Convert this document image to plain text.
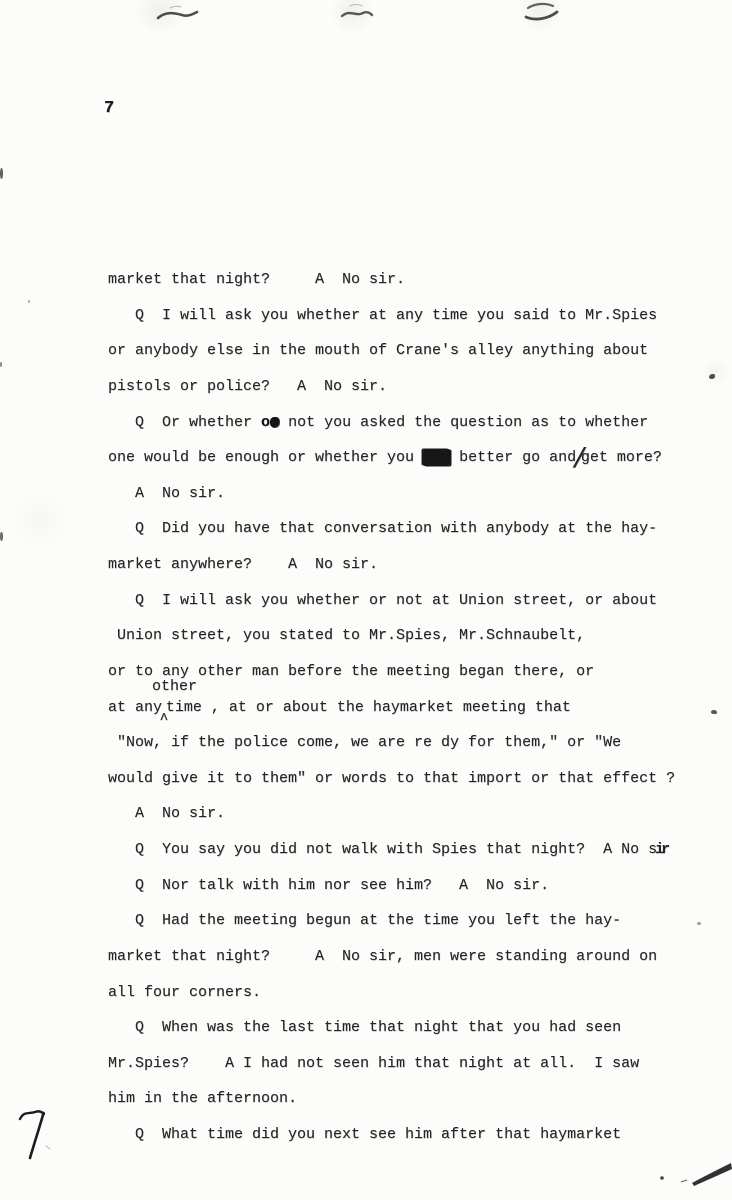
7
market that night?     A  No sir.
Q  I will ask you whether at any time you said to Mr.Spies
or anybody else in the mouth of Crane's alley anything about
pistols or police?   A  No sir.
Q  Or whether or not you asked the question as to whether
one would be enough or whether you had better go and/get more?
A  No sir.
Q  Did you have that conversation with anybody at the hay-
market anywhere?    A  No sir.
Q  I will ask you whether or not at Union street, or about
Union street, you stated to Mr.Spies, Mr.Schnaubelt,
or to any other man before the meeting began there, or
at anyʌtime , at or about the haymarket meeting that
"Now, if the police come, we are re dy for them," or "We
would give it to them" or words to that import or that effect ?
A  No sir.
Q  You say you did not walk with Spies that night?  A No sir
Q  Nor talk with him nor see him?   A  No sir.
Q  Had the meeting begun at the time you left the hay-
market that night?     A  No sir, men were standing around on
all four corners.
Q  When was the last time that night that you had seen
Mr.Spies?    A I had not seen him that night at all.  I saw
him in the afternoon.
Q  What time did you next see him after that haymarket
other
